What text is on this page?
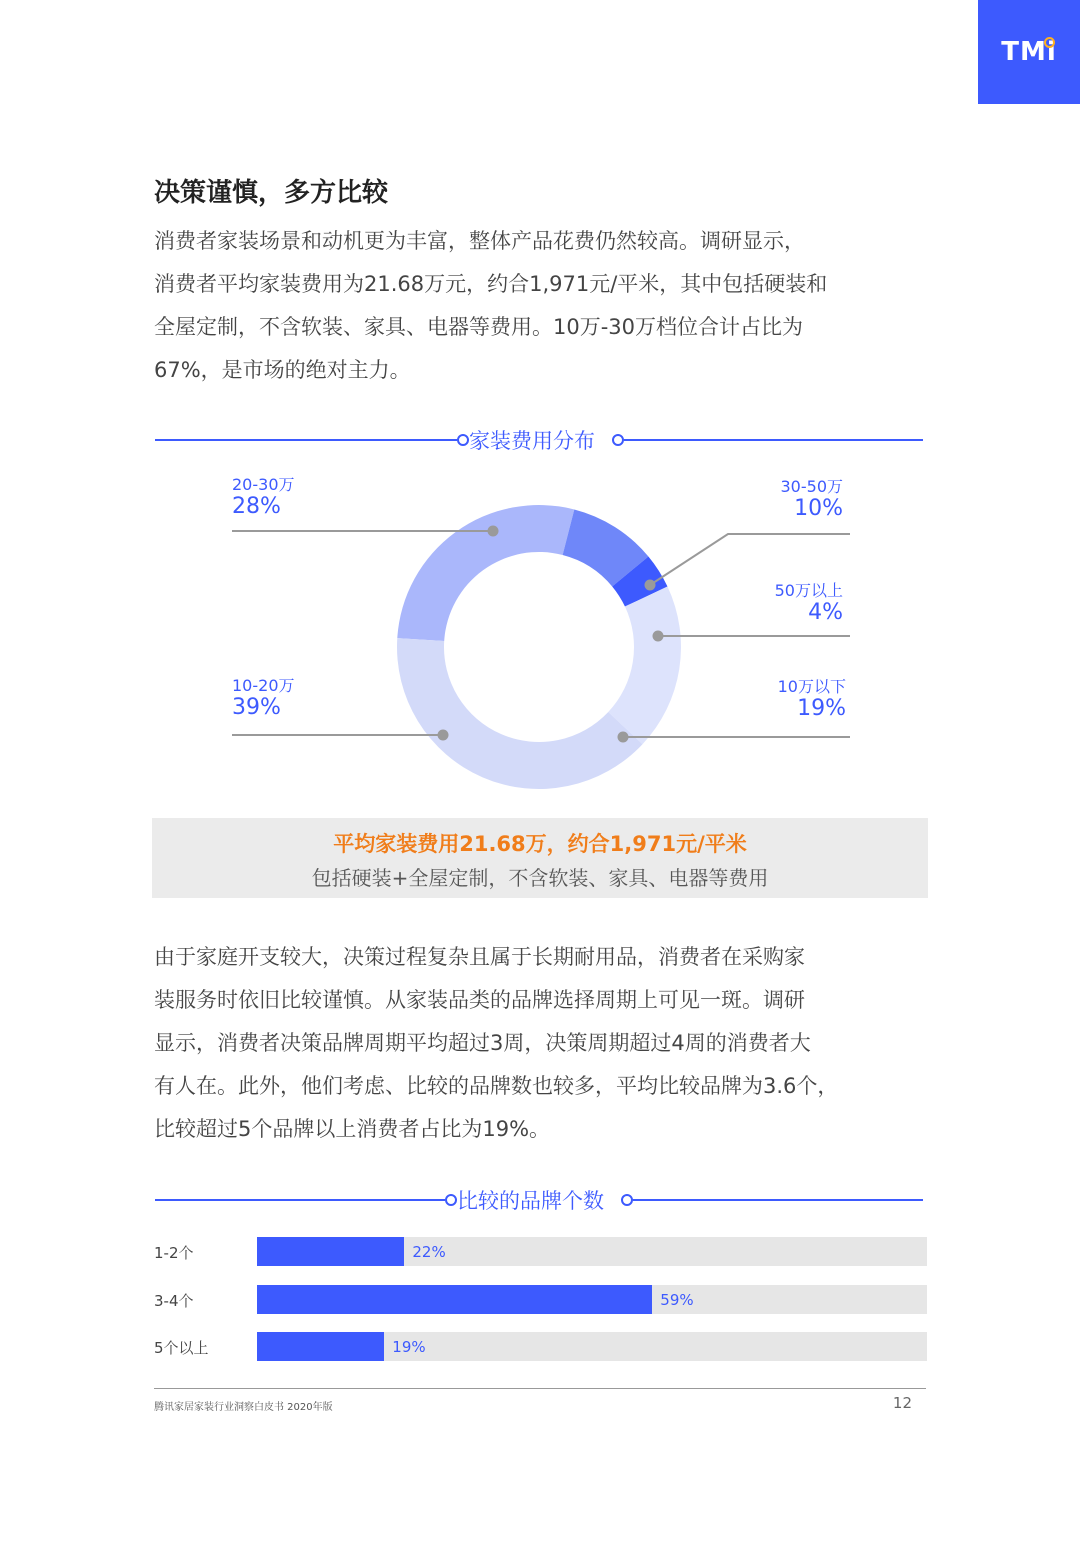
TMi
决策谨慎，多方比较
消费者家装场景和动机更为丰富，整体产品花费仍然较高。调研显示，
消费者平均家装费用为21.68万元，约合1,971元/平米，其中包括硬装和
全屋定制，不含软装、家具、电器等费用。10万-30万档位合计占比为
67%，是市场的绝对主力。
家装费用分布
20-30万
28%
30-50万
10%
50万以上
4%
10万以下
19%
10-20万
39%
平均家装费用21.68万，约合1,971元/平米
包括硬装+全屋定制，不含软装、家具、电器等费用
由于家庭开支较大，决策过程复杂且属于长期耐用品，消费者在采购家
装服务时依旧比较谨慎。从家装品类的品牌选择周期上可见一斑。调研
显示，消费者决策品牌周期平均超过3周，决策周期超过4周的消费者大
有人在。此外，他们考虑、比较的品牌数也较多，平均比较品牌为3.6个，
比较超过5个品牌以上消费者占比为19%。
比较的品牌个数
1-2个	22%
3-4个	59%
5个以上	19%
腾讯家居家装行业洞察白皮书 2020年版	12
